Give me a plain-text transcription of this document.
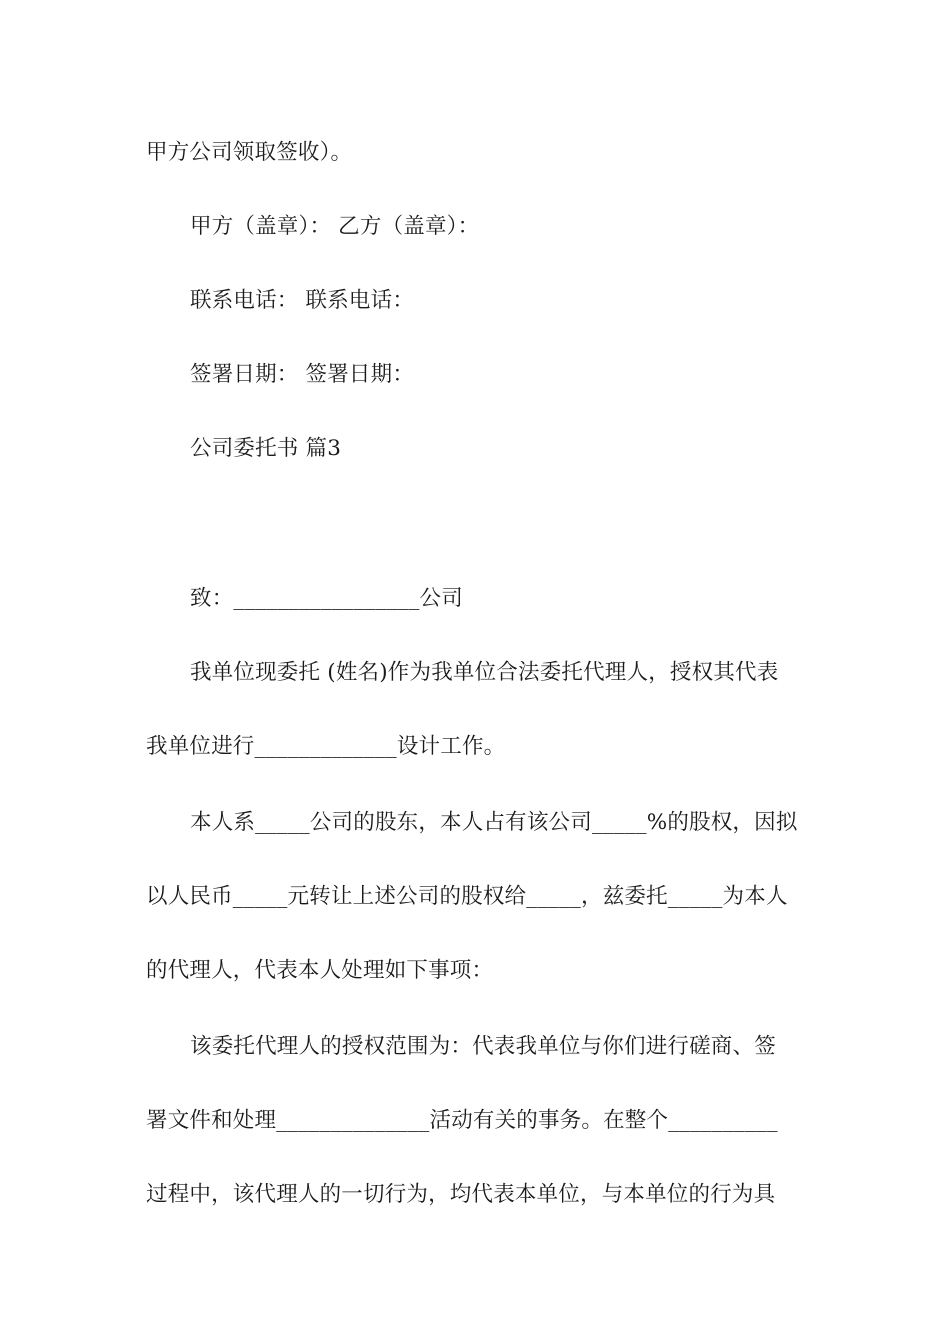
甲方公司领取签收）。
甲方（盖章）： 乙方（盖章）：
联系电话： 联系电话：
签署日期： 签署日期：
公司委托书 篇3
致：_________________公司
我单位现委托 (姓名)作为我单位合法委托代理人，授权其代表
我单位进行_____________设计工作。
本人系_____公司的股东，本人占有该公司_____%的股权，因拟
以人民币_____元转让上述公司的股权给_____，兹委托_____为本人
的代理人，代表本人处理如下事项：
该委托代理人的授权范围为：代表我单位与你们进行磋商、签
署文件和处理______________活动有关的事务。在整个__________
过程中，该代理人的一切行为，均代表本单位，与本单位的行为具
